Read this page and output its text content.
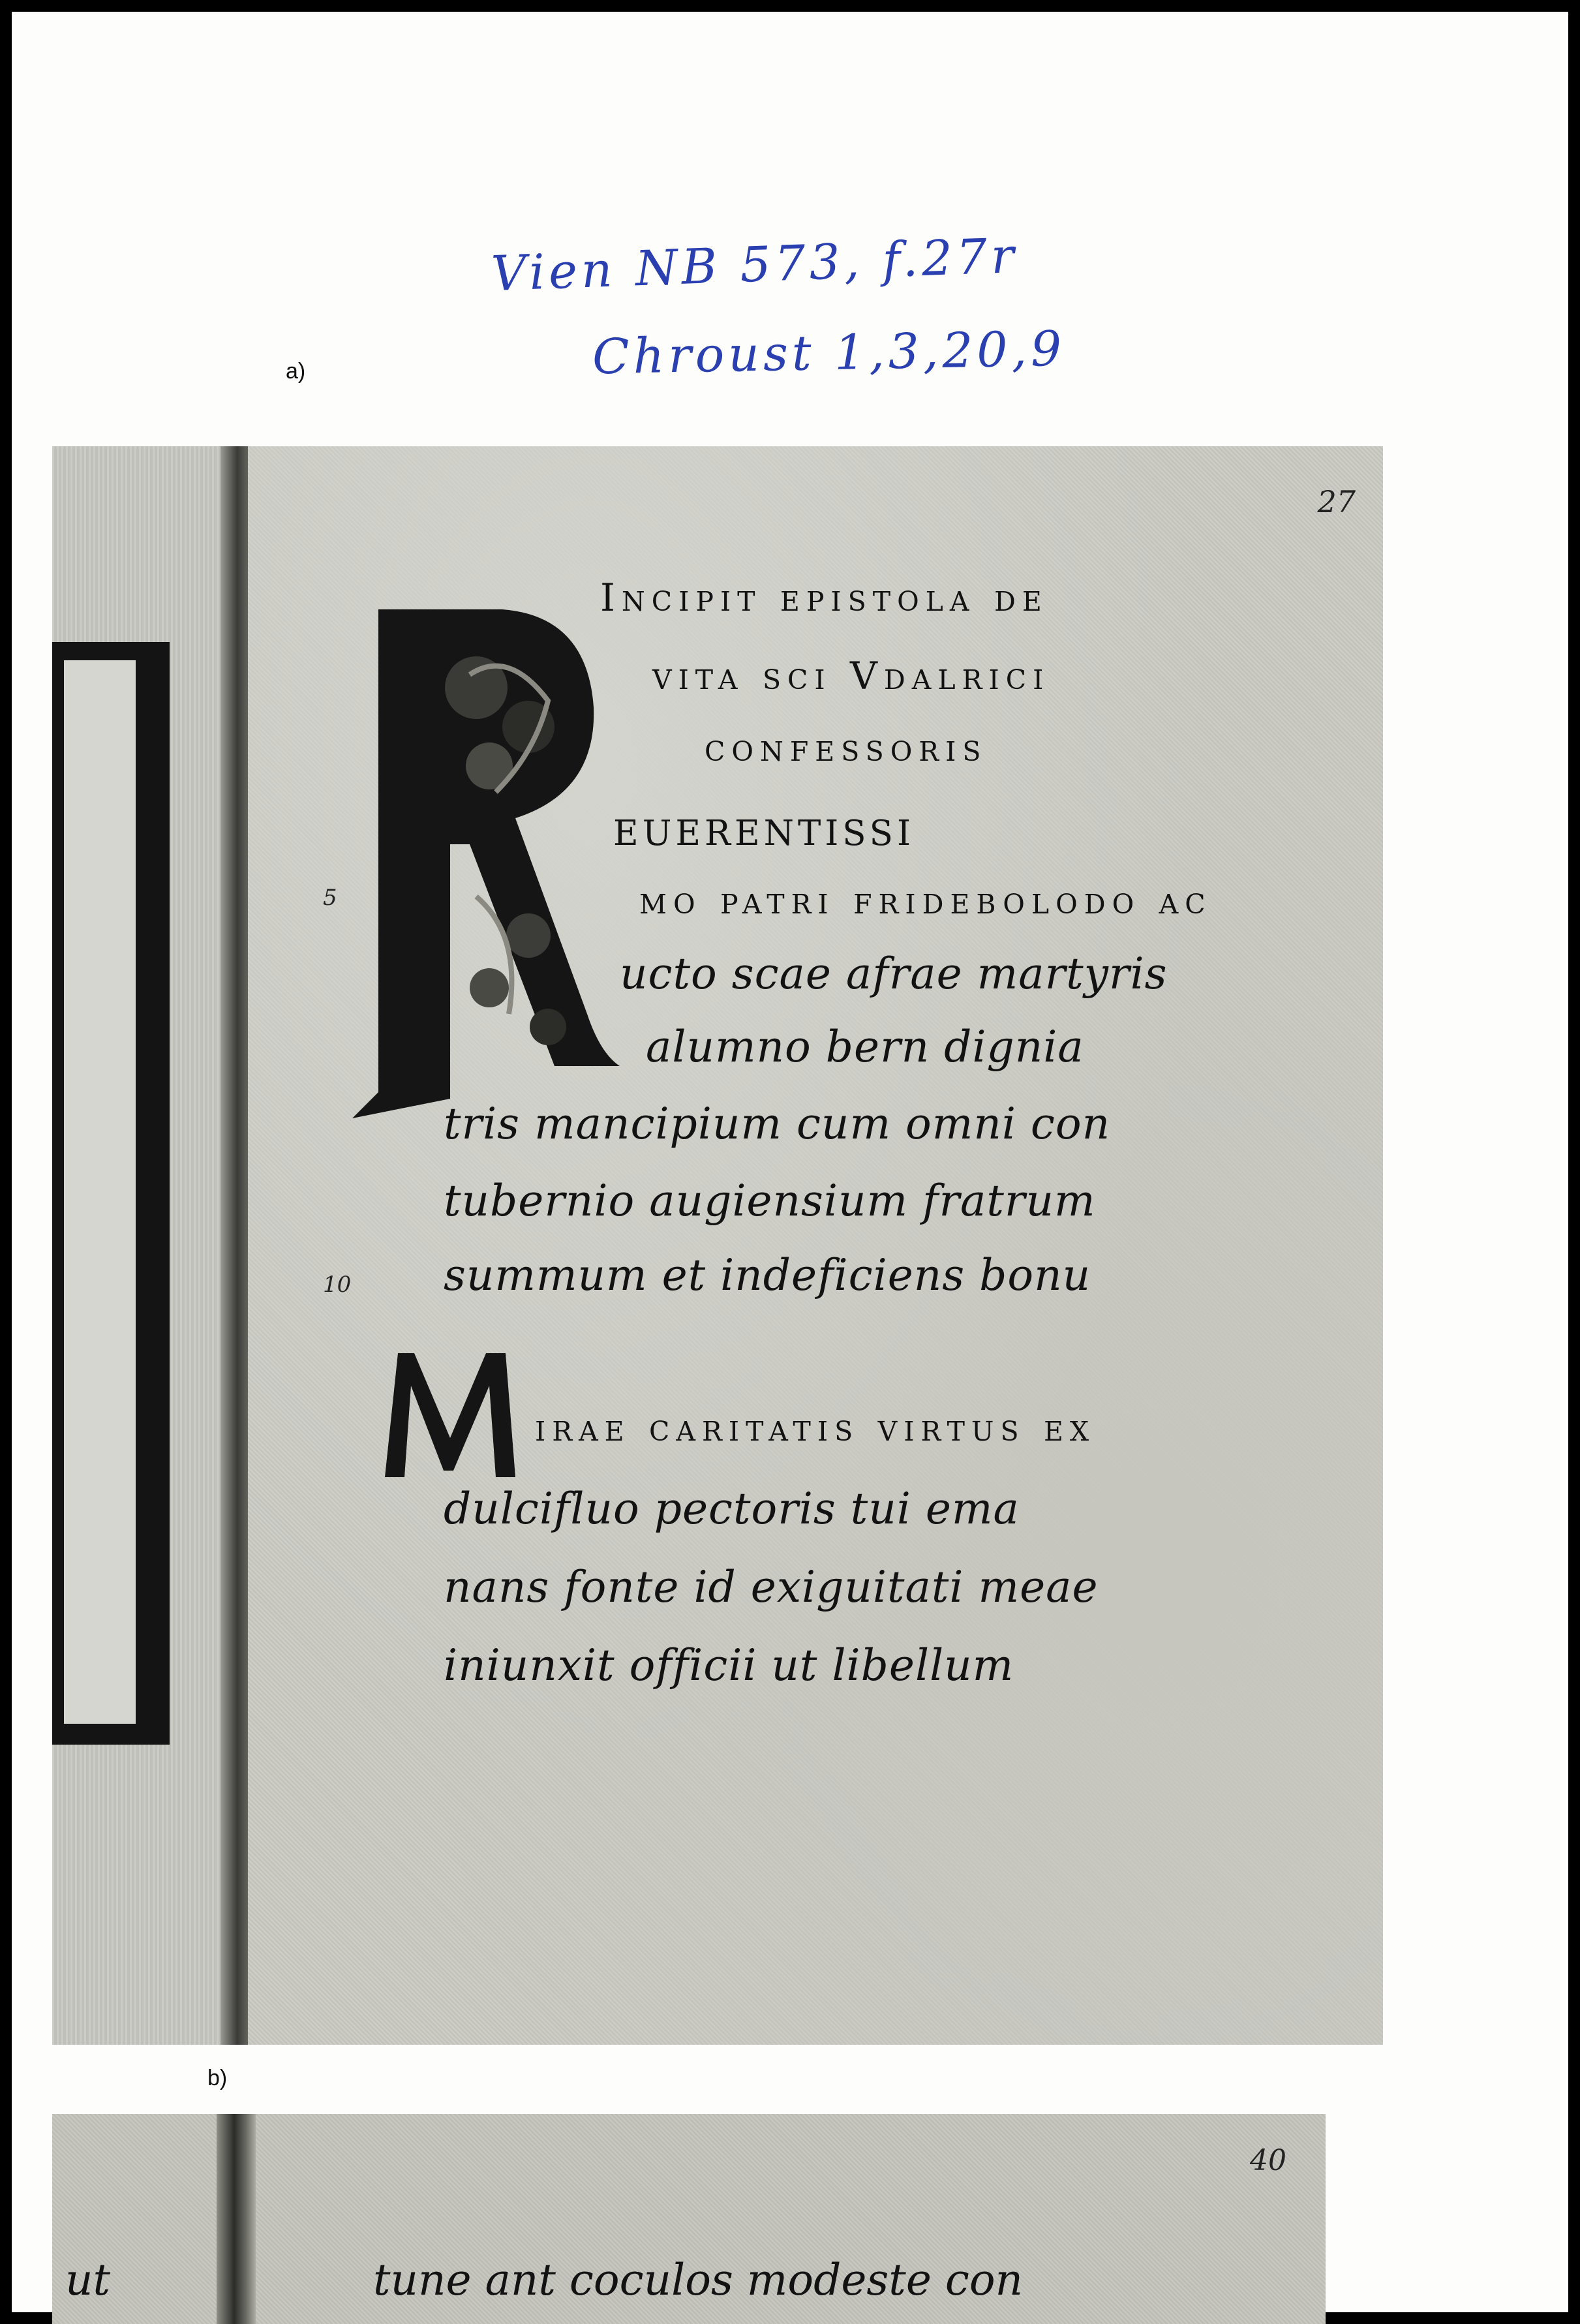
Vien NB 573, f.27r
Chroust 1,3,20,9
a)
27
5
10
Incipit epistola de
vita sci Vdalrici
confessoris
euerentissi
mo patri fridebolodo ac
ucto scae afrae martyris
alumno bern dignia
tris mancipium cum omni con
tubernio augiensium fratrum
summum et indeficiens bonu
irae caritatis virtus ex
dulcifluo pectoris tui ema
nans fonte id exiguitati meae
iniunxit officii ut libellum
b)
ut
40
tune ant coculos modeste con
